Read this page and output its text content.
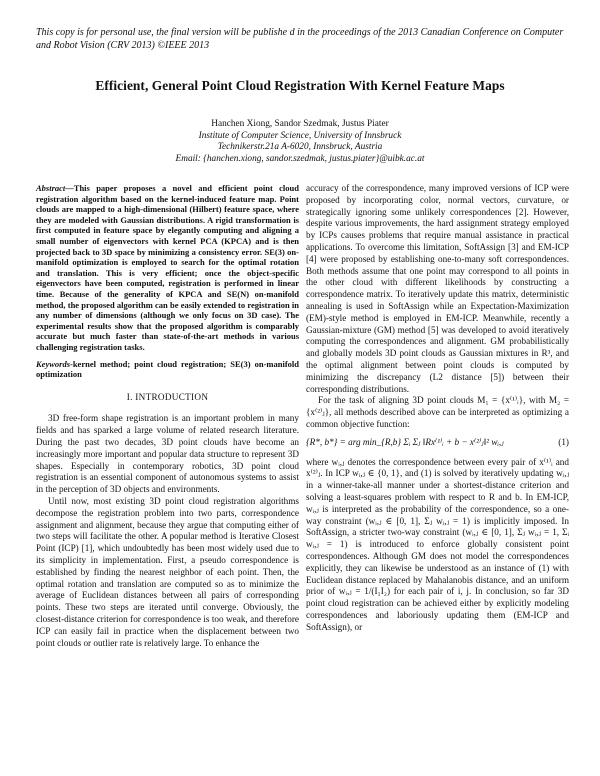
This copy is for personal use, the final version will be publishe d in the proceedings of the 2013 Canadian Conference on Computer and Robot Vision (CRV 2013) ©IEEE 2013
Efficient, General Point Cloud Registration With Kernel Feature Maps
Hanchen Xiong, Sandor Szedmak, Justus Piater
Institute of Computer Science, University of Innsbruck
Technikerstr.21a A-6020, Innsbruck, Austria
Email: {hanchen.xiong, sandor.szedmak, justus.piater}@uibk.ac.at

Abstract—This paper proposes a novel and efficient point cloud registration algorithm based on the kernel-induced feature map. Point clouds are mapped to a high-dimensional (Hilbert) feature space, where they are modeled with Gaussian distributions. A rigid transformation is first computed in feature space by elegantly computing and aligning a small number of eigenvectors with kernel PCA (KPCA) and is then projected back to 3D space by minimizing a consistency error. SE(3) on-manifold optimization is employed to search for the optimal rotation and translation. This is very efficient; once the object-specific eigenvectors have been computed, registration is performed in linear time. Because of the generality of KPCA and SE(N) on-manifold method, the proposed algorithm can be easily extended to registration in any number of dimensions (although we only focus on 3D case). The experimental results show that the proposed algorithm is comparably accurate but much faster than state-of-the-art methods in various challenging registration tasks.

Keywords-kernel method; point cloud registration; SE(3) on-manifold optimization

I. INTRODUCTION

3D free-form shape registration is an important problem in many fields and has sparked a large volume of related research literature. During the past two decades, 3D point clouds have become an increasingly more important and popular data structure to represent 3D shapes. Especially in contemporary robotics, 3D point cloud registration is an essential component of autonomous systems to assist in the perception of 3D objects and environments.

Until now, most existing 3D point cloud registration algorithms decompose the registration problem into two parts, correspondence assignment and alignment, because they argue that computing either of two steps will facilitate the other. A popular method is Iterative Closest Point (ICP) [1], which undoubtedly has been most widely used due to its simplicity in implementation. First, a pseudo correspondence is established by finding the nearest neighbor of each point. Then, the optimal rotation and translation are computed so as to minimize the average of Euclidean distances between all pairs of corresponding points. These two steps are iterated until converge. Obviously, the closest-distance criterion for correspondence is too weak, and therefore ICP can easily fail in practice when the displacement between two point clouds or outlier rate is relatively large. To enhance the

accuracy of the correspondence, many improved versions of ICP were proposed by incorporating color, normal vectors, curvature, or strategically ignoring some unlikely correspondences [2]. However, despite various improvements, the hard assignment strategy employed by ICPs causes problems that require manual assistance in practical applications. To overcome this limitation, SoftAssign [3] and EM-ICP [4] were proposed by establishing one-to-many soft correspondences. Both methods assume that one point may correspond to all points in the other cloud with different likelihoods by constructing a correspondence matrix. To iteratively update this matrix, deterministic annealing is used in SoftAssign while an Expectation-Maximization (EM)-style method is employed in EM-ICP. Meanwhile, recently a Gaussian-mixture (GM) method [5] was developed to avoid iteratively computing the correspondences and alignment. GM probabilistically and globally models 3D point clouds as Gaussian mixtures in R³, and the optimal alignment between point clouds is computed by minimizing the discrepancy (L2 distance [5]) between their corresponding distributions.

For the task of aligning 3D point clouds M₁ = {x⁽¹⁾ᵢ}, with M₂ = {x⁽²⁾ⱼ}, all methods described above can be interpreted as optimizing a common objective function:

{R*, b*} = arg min_{R,b} Σᵢ Σⱼ ‖Rx⁽¹⁾ᵢ + b − x⁽²⁾ⱼ‖² wᵢ,ⱼ	(1)

where wᵢ,ⱼ denotes the correspondence between every pair of x⁽¹⁾ᵢ and x⁽²⁾ⱼ. In ICP wᵢ,ⱼ ∈ {0, 1}, and (1) is solved by iteratively updating wᵢ,ⱼ in a winner-take-all manner under a shortest-distance criterion and solving a least-squares problem with respect to R and b. In EM-ICP, wᵢ,ⱼ is interpreted as the probability of the correspondence, so a one-way constraint (wᵢ,ⱼ ∈ [0, 1], Σⱼ wᵢ,ⱼ = 1) is implicitly imposed. In SoftAssign, a stricter two-way constraint (wᵢ,ⱼ ∈ [0, 1], Σⱼ wᵢ,ⱼ = 1, Σᵢ wᵢ,ⱼ = 1) is introduced to enforce globally consistent point correspondences. Although GM does not model the correspondences explicitly, they can likewise be understood as an instance of (1) with Euclidean distance replaced by Mahalanobis distance, and an uniform prior of wᵢ,ⱼ = 1/(I₁I₂) for each pair of i, j. In conclusion, so far 3D point cloud registration can be achieved either by explicitly modeling correspondences and laboriously updating them (EM-ICP and SoftAssign), or
